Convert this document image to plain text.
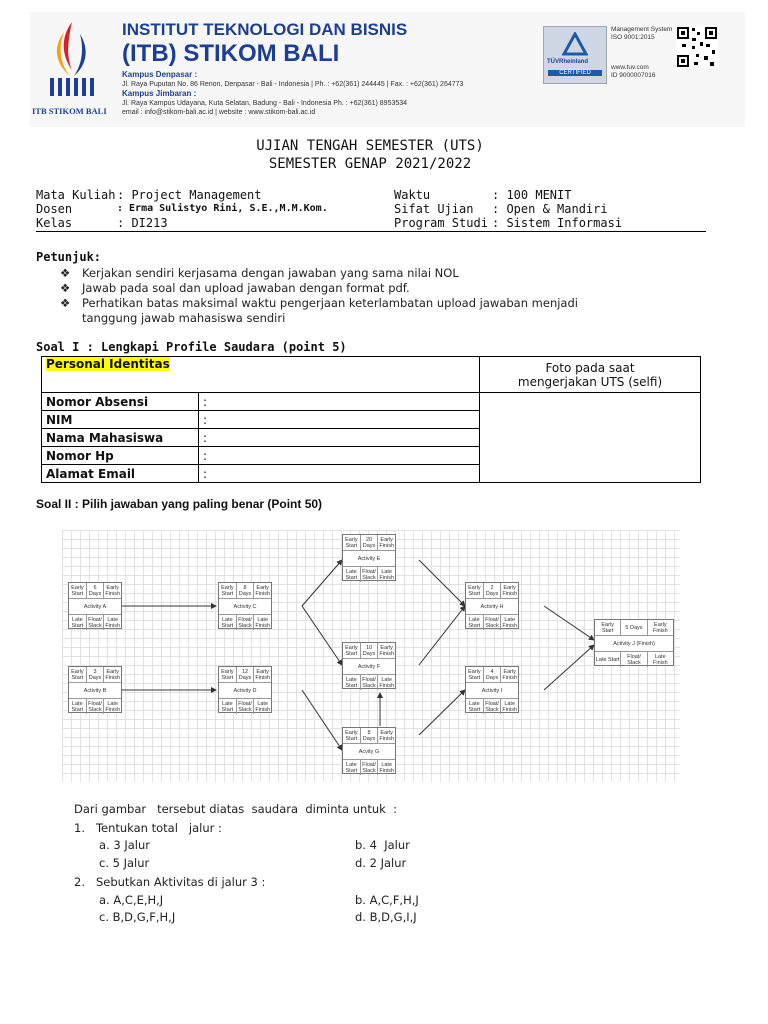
ITB STIKOM BALI
INSTITUT TEKNOLOGI DAN BISNIS
(ITB) STIKOM BALI
Kampus Denpasar :
Jl. Raya Puputan No. 86 Renon, Denpasar - Bali - Indonesia | Ph. : +62(361) 244445 | Fax. : +62(361) 264773
Kampus Jimbaran :
Jl. Raya Kampus Udayana, Kuta Selatan, Badung - Bali - Indonesia Ph. : +62(361) 8953534
email : info@stikom-bali.ac.id | website : www.stikom-bali.ac.id
TÜVRheinland
CERTIFIED
Management System
ISO 9001:2015
www.tuv.com
ID 9000007016
UJIAN TENGAH SEMESTER (UTS)
SEMESTER GENAP 2021/2022
Mata Kuliah : Project Management
Dosen	: Erma Sulistyo Rini, S.E.,M.M.Kom.
Kelas	: DI213
Waktu	: 100 MENIT
Sifat Ujian : Open & Mandiri
Program Studi : Sistem Informasi
Petunjuk:
❖ Kerjakan sendiri kerjasama dengan jawaban yang sama nilai NOL
❖ Jawab pada soal dan upload jawaban dengan format pdf.
❖ Perhatikan batas maksimal waktu pengerjaan keterlambatan upload jawaban menjadi
tanggung jawab mahasiswa sendiri
Soal I : Lengkapi Profile Saudara (point 5)
Personal Identitas		Foto pada saat
mengerjakan UTS (selfi)

Nomor Absensi	:	
NIM	:	
Nama Mahasiswa	:	
Nomor Hp	:	
Alamat Email	:	
Soal II : Pilih jawaban yang paling benar (Point 50)
Early Start
6 Days
Early Finish
Activity A
Late Start
Float/ Slack
Late Finish
Early Start
3 Days
Early Finish
Activity B
Late Start
Float/ Slack
Late Finish
Early Start
8 Days
Early Finish
Activity C
Late Start
Float/ Slack
Late Finish
Early Start
12 Days
Early Finish
Activity D
Late Start
Float/ Slack
Late Finish
Early Start
20 Days
Early Finish
Activity E
Late Start
Float/ Slack
Late Finish
Early Start
10 Days
Early Finish
Activity F
Late Start
Float/ Slack
Late Finish
Early Start
8 Days
Early Finish
Acvity G
Late Start
Float/ Slack
Late Finish
Early Start
2 Days
Early Finish
Activity H
Late Start
Float/ Slack
Late Finish
Early Start
4 Days
Early Finish
Activity I
Late Start
Float/ Slack
Late Finish
Early Start	5 Days	Early Finish
Activity J (Finish)
Late Start	Float/ Slack
Late Finish
Dari gambar   tersebut diatas  saudara  diminta untuk  :
1.   Tentukan total   jalur :
a. 3 Jalur	b. 4  Jalur
c. 5 Jalur	d. 2 Jalur
2.   Sebutkan Aktivitas di jalur 3 :
a. A,C,E,H,J	b. A,C,F,H,J
c. B,D,G,F,H,J	d. B,D,G,I,J
